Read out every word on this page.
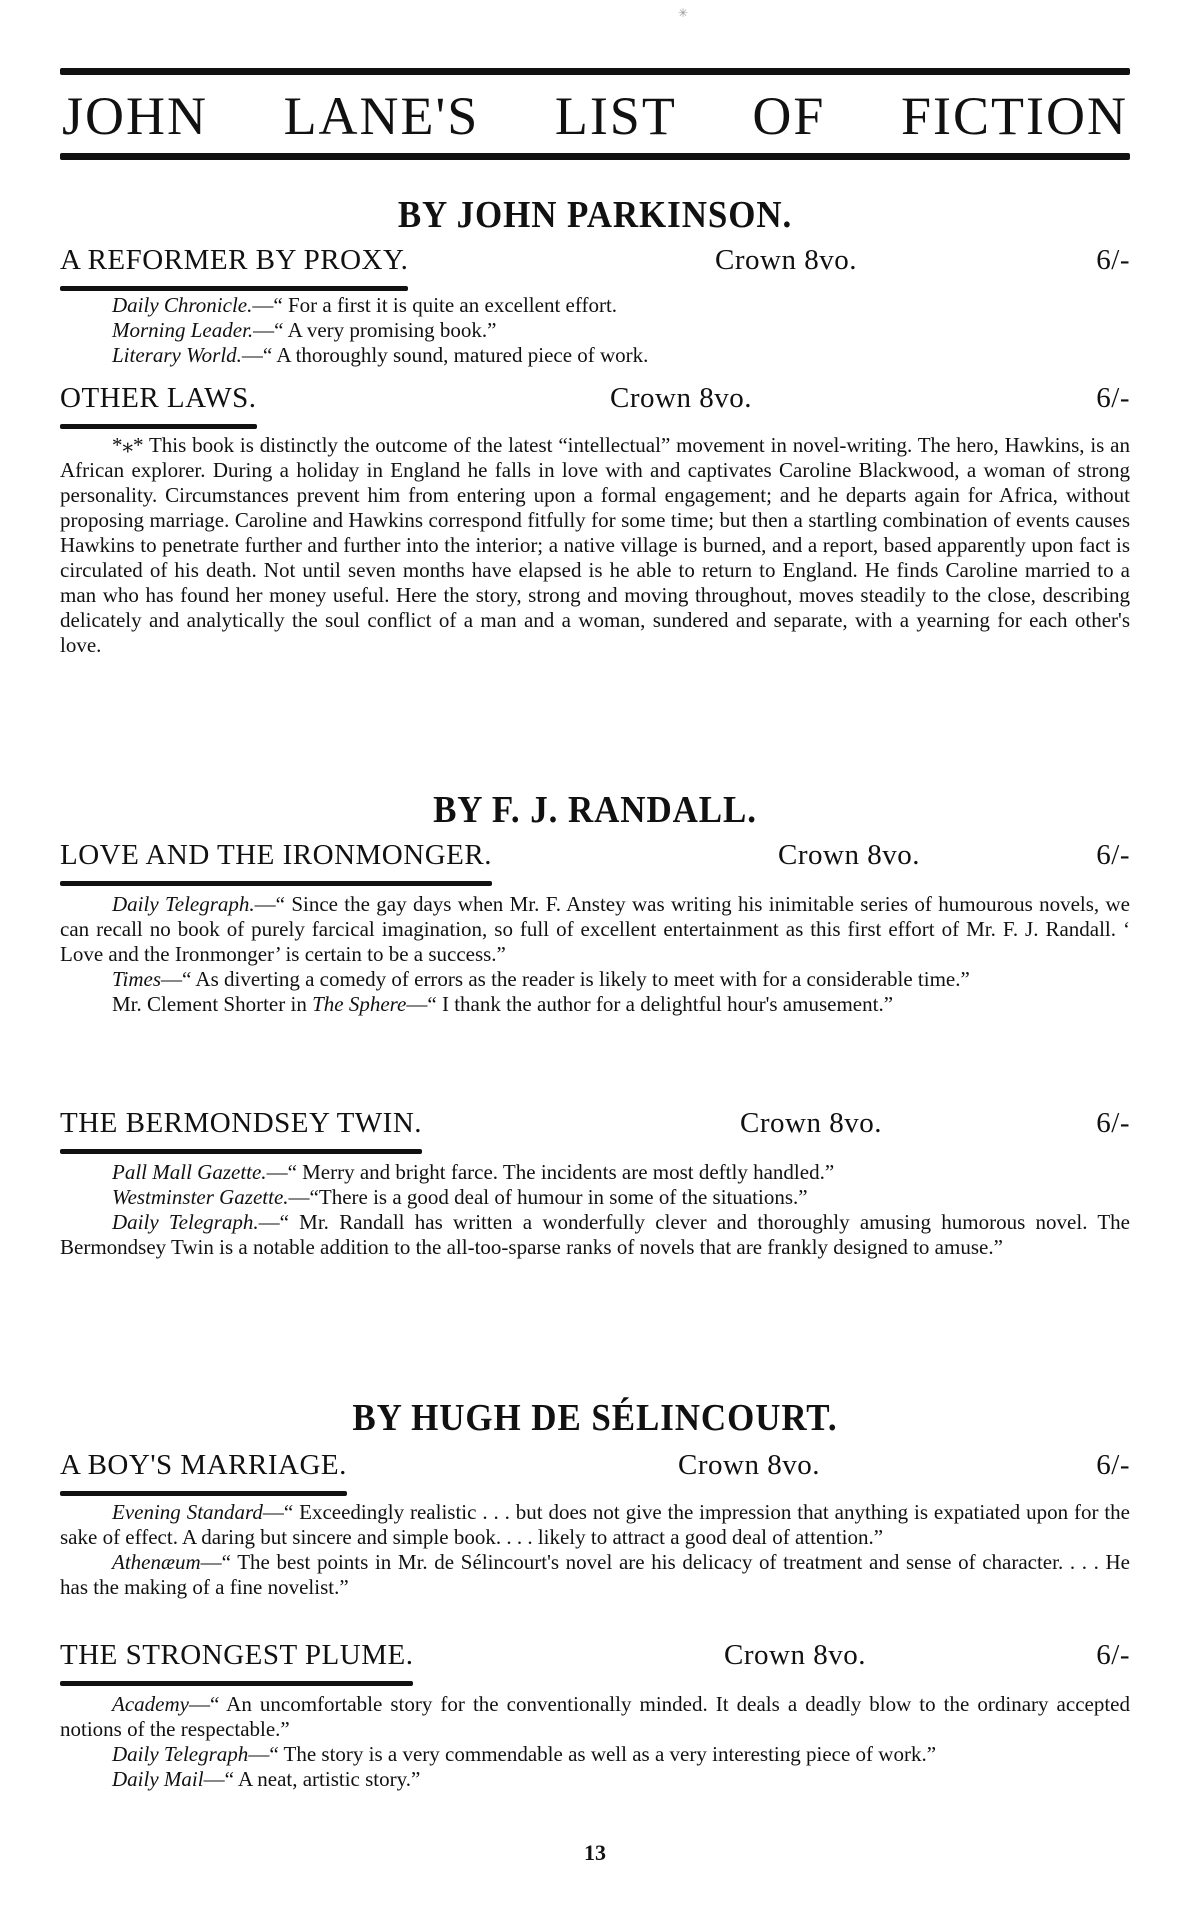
✳
JOHN LANE'S LIST OF FICTION
BY JOHN PARKINSON.
A REFORMER BY PROXY.	Crown 8vo.	6/-

Daily Chronicle.—“ For a first it is quite an excellent effort.

Morning Leader.—“ A very promising book.”

Literary World.—“ A thoroughly sound, matured piece of work.

OTHER LAWS.	Crown 8vo.	6/-

*⁎* This book is distinctly the outcome of the latest “intellectual” movement in novel-writing. The hero, Hawkins, is an African explorer. During a holiday in England he falls in love with and captivates Caroline Blackwood, a woman of strong personality. Circumstances prevent him from entering upon a formal engagement; and he departs again for Africa, without proposing marriage. Caroline and Hawkins correspond fitfully for some time; but then a startling combination of events causes Hawkins to penetrate further and further into the interior; a native village is burned, and a report, based apparently upon fact is circulated of his death. Not until seven months have elapsed is he able to return to England. He finds Caroline married to a man who has found her money useful. Here the story, strong and moving throughout, moves steadily to the close, describing delicately and analytically the soul conflict of a man and a woman, sundered and separate, with a yearning for each other's love.

BY F. J. RANDALL.
LOVE AND THE IRONMONGER.	Crown 8vo.	6/-

Daily Telegraph.—“ Since the gay days when Mr. F. Anstey was writing his inimitable series of humourous novels, we can recall no book of purely farcical imagination, so full of excellent entertainment as this first effort of Mr. F. J. Randall. ‘ Love and the Ironmonger’ is certain to be a success.”

Times—“ As diverting a comedy of errors as the reader is likely to meet with for a considerable time.”

Mr. Clement Shorter in The Sphere—“ I thank the author for a delightful hour's amusement.”

THE BERMONDSEY TWIN.	Crown 8vo.	6/-

Pall Mall Gazette.—“ Merry and bright farce. The incidents are most deftly handled.”

Westminster Gazette.—“There is a good deal of humour in some of the situations.”

Daily Telegraph.—“ Mr. Randall has written a wonderfully clever and thoroughly amusing humorous novel. The Bermondsey Twin is a notable addition to the all-too-sparse ranks of novels that are frankly designed to amuse.”

BY HUGH DE SÉLINCOURT.
A BOY'S MARRIAGE.	Crown 8vo.	6/-

Evening Standard—“ Exceedingly realistic . . . but does not give the impression that anything is expatiated upon for the sake of effect. A daring but sincere and simple book. . . . likely to attract a good deal of attention.”

Athenæum—“ The best points in Mr. de Sélincourt's novel are his delicacy of treatment and sense of character. . . . He has the making of a fine novelist.”

THE STRONGEST PLUME.	Crown 8vo.	6/-

Academy—“ An uncomfortable story for the conventionally minded. It deals a deadly blow to the ordinary accepted notions of the respectable.”

Daily Telegraph—“ The story is a very commendable as well as a very interesting piece of work.”

Daily Mail—“ A neat, artistic story.”

13
